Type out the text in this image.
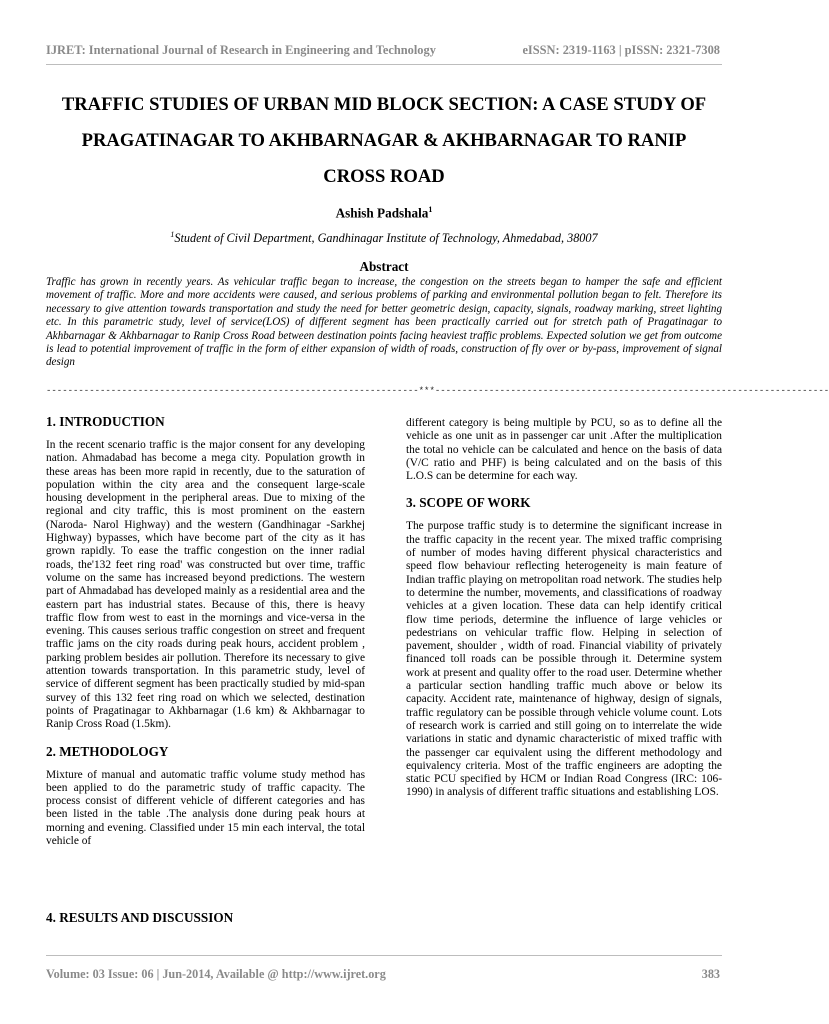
IJRET: International Journal of Research in Engineering and Technology	eISSN: 2319-1163 | pISSN: 2321-7308
TRAFFIC STUDIES OF URBAN MID BLOCK SECTION: A CASE STUDY OF PRAGATINAGAR TO AKHBARNAGAR & AKHBARNAGAR TO RANIP CROSS ROAD
Ashish Padshala$^1$
$^1$Student of Civil Department, Gandhinagar Institute of Technology, Ahmedabad, 38007
Abstract
Traffic has grown in recently years. As vehicular traffic began to increase, the congestion on the streets began to hamper the safe and efficient movement of traffic. More and more accidents were caused, and serious problems of parking and environmental pollution began to felt. Therefore its necessary to give attention towards transportation and study the need for better geometric design, capacity, signals, roadway marking, street lighting etc. In this parametric study, level of service(LOS) of different segment has been practically carried out for stretch path of Pragatinagar to Akhbarnagar & Akhbarnagar to Ranip Cross Road between destination points facing heaviest traffic problems. Expected solution we get from outcome is lead to potential improvement of traffic in the form of either expansion of width of roads, construction of fly over or by-pass, improvement of signal design
---------------------------------------------------------------------***-------------------------------------------------------------------------
1. INTRODUCTION

In the recent scenario traffic is the major consent for any developing nation. Ahmadabad has become a mega city. Population growth in these areas has been more rapid in recently, due to the saturation of population within the city area and the consequent large-scale housing development in the peripheral areas. Due to mixing of the regional and city traffic, this is most prominent on the eastern (Naroda- Narol Highway) and the western (Gandhinagar -Sarkhej Highway) bypasses, which have become part of the city as it has grown rapidly. To ease the traffic congestion on the inner radial roads, the'132 feet ring road' was constructed but over time, traffic volume on the same has increased beyond predictions. The western part of Ahmadabad has developed mainly as a residential area and the eastern part has industrial states. Because of this, there is heavy traffic flow from west to east in the mornings and vice-versa in the evening. This causes serious traffic congestion on street and frequent traffic jams on the city roads during peak hours, accident problem , parking problem besides air pollution. Therefore its necessary to give attention towards transportation. In this parametric study, level of service of different segment has been practically studied by mid-span survey of this 132 feet ring road on which we selected, destination points of Pragatinagar to Akhbarnagar (1.6 km) & Akhbarnagar to Ranip Cross Road (1.5km).

2. METHODOLOGY

Mixture of manual and automatic traffic volume study method has been applied to do the parametric study of traffic capacity. The process consist of different vehicle of different categories and has been listed in the table .The analysis done during peak hours at morning and evening. Classified under 15 min each interval, the total vehicle of

4. RESULTS AND DISCUSSION

different category is being multiple by PCU, so as to define all the vehicle as one unit as in passenger car unit .After the multiplication the total no vehicle can be calculated and hence on the basis of data (V/C ratio and PHF) is being calculated and on the basis of this L.O.S can be determine for each way.

3. SCOPE OF WORK

The purpose traffic study is to determine the significant increase in the traffic capacity in the recent year. The mixed traffic comprising of number of modes having different physical characteristics and speed flow behaviour reflecting heterogeneity is main feature of Indian traffic playing on metropolitan road network. The studies help to determine the number, movements, and classifications of roadway vehicles at a given location. These data can help identify critical flow time periods, determine the influence of large vehicles or pedestrians on vehicular traffic flow. Helping in selection of pavement, shoulder , width of road. Financial viability of privately financed toll roads can be possible through it. Determine system work at present and quality offer to the road user. Determine whether a particular section handling traffic much above or below its capacity. Accident rate, maintenance of highway, design of signals, traffic regulatory can be possible through vehicle volume count. Lots of research work is carried and still going on to interrelate the wide variations in static and dynamic characteristic of mixed traffic with the passenger car equivalent using the different methodology and equivalency criteria. Most of the traffic engineers are adopting the static PCU specified by HCM or Indian Road Congress (IRC: 106-1990) in analysis of different traffic situations and establishing LOS.

Volume: 03 Issue: 06 | Jun-2014, Available @ http://www.ijret.org	383
